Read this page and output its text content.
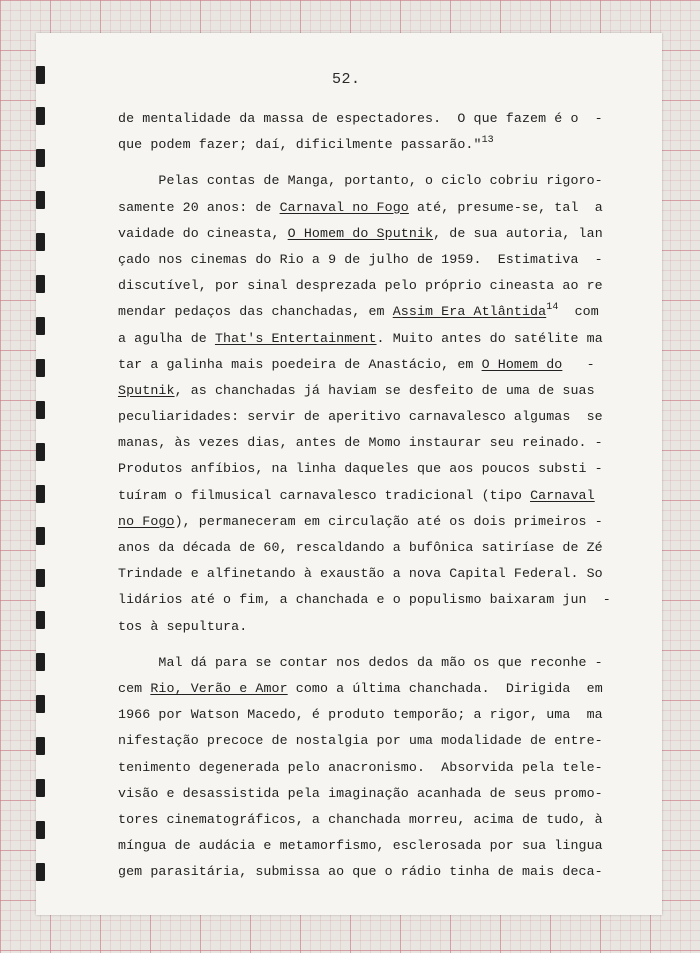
52.
de mentalidade da massa de espectadores.  O que fazem é o  -
que podem fazer; daí, dificilmente passarão."$^{13}$
Pelas contas de Manga, portanto, o ciclo cobriu rigoro-
samente 20 anos: de Carnaval no Fogo até, presume-se, tal  a
vaidade do cineasta, O Homem do Sputnik, de sua autoria, lan
çado nos cinemas do Rio a 9 de julho de 1959.  Estimativa  -
discutível, por sinal desprezada pelo próprio cineasta ao re
mendar pedaços das chanchadas, em Assim Era Atlântida$^{14}$  com
a agulha de That's Entertainment. Muito antes do satélite ma
tar a galinha mais poedeira de Anastácio, em O Homem do   -
Sputnik, as chanchadas já haviam se desfeito de uma de suas
peculiaridades: servir de aperitivo carnavalesco algumas  se
manas, às vezes dias, antes de Momo instaurar seu reinado. -
Produtos anfíbios, na linha daqueles que aos poucos substi -
tuíram o filmusical carnavalesco tradicional (tipo Carnaval
no Fogo), permaneceram em circulação até os dois primeiros -
anos da década de 60, rescaldando a bufônica satiríase de Zé
Trindade e alfinetando à exaustão a nova Capital Federal. So
lidários até o fim, a chanchada e o populismo baixaram jun  -
tos à sepultura.
Mal dá para se contar nos dedos da mão os que reconhe -
cem Rio, Verão e Amor como a última chanchada.  Dirigida  em
1966 por Watson Macedo, é produto temporão; a rigor, uma  ma
nifestação precoce de nostalgia por uma modalidade de entre-
tenimento degenerada pelo anacronismo.  Absorvida pela tele-
visão e desassistida pela imaginação acanhada de seus promo-
tores cinematográficos, a chanchada morreu, acima de tudo, à
míngua de audácia e metamorfismo, esclerosada por sua lingua
gem parasitária, submissa ao que o rádio tinha de mais deca-
